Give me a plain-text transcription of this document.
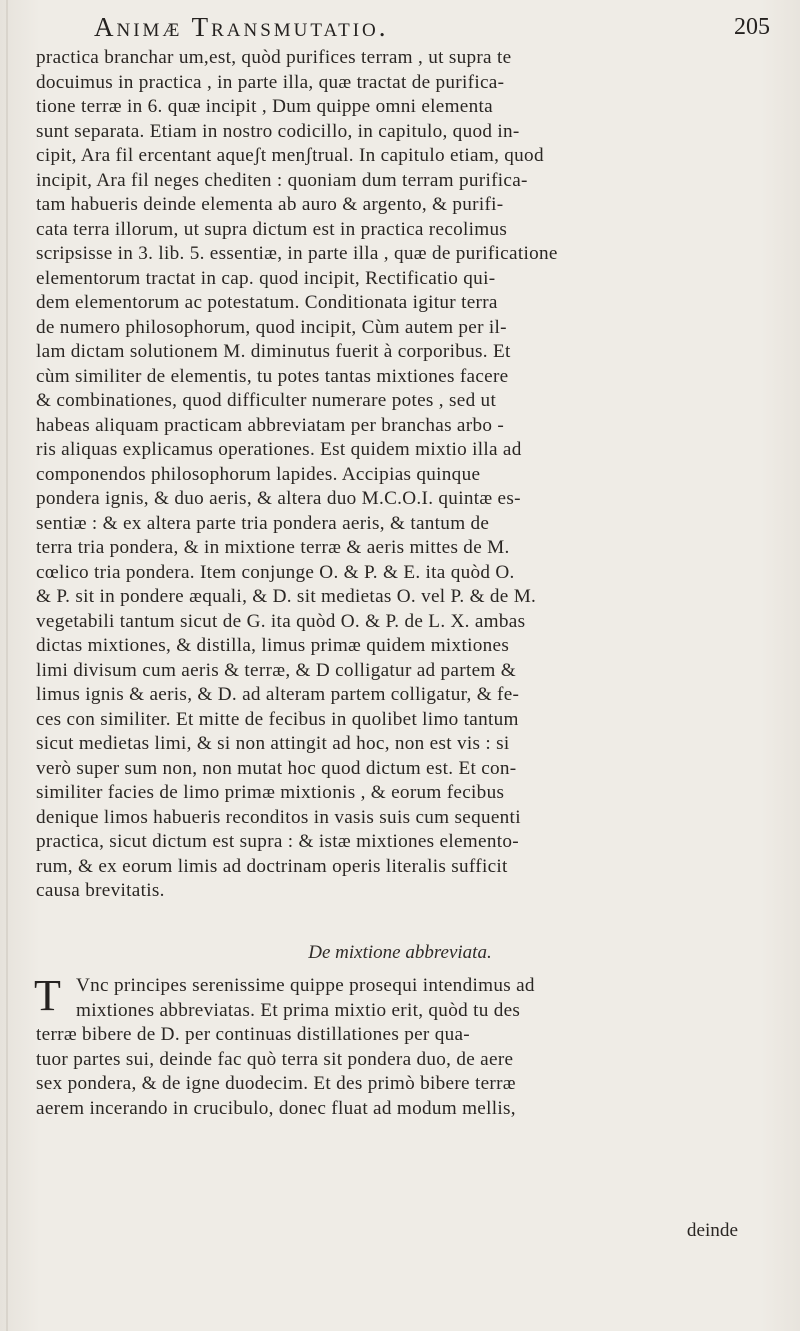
Animæ Transmutatio.	205
practica branchar um,est, quòd purifices terram , ut supra te
docuimus in practica , in parte illa, quæ tractat de purifica-
tione terræ in 6. quæ incipit , Dum quippe omni elementa
sunt separata. Etiam in nostro codicillo, in capitulo, quod in-
cipit, Ara fil ercentant aqueʃt menʃtrual. In capitulo etiam, quod
incipit, Ara fil neges chediten : quoniam dum terram purifica-
tam habueris deinde elementa ab auro & argento, & purifi-
cata terra illorum, ut supra dictum est in practica recolimus
scripsisse in 3. lib. 5. essentiæ, in parte illa , quæ de purificatione
elementorum tractat in cap. quod incipit, Rectificatio qui-
dem elementorum ac potestatum. Conditionata igitur terra
de numero philosophorum, quod incipit, Cùm autem per il-
lam dictam solutionem M. diminutus fuerit à corporibus. Et
cùm similiter de elementis, tu potes tantas mixtiones facere
& combinationes, quod difficulter numerare potes , sed ut
habeas aliquam practicam abbreviatam per branchas arbo -
ris aliquas explicamus operationes. Est quidem mixtio illa ad
componendos philosophorum lapides. Accipias quinque
pondera ignis, & duo aeris, & altera duo M.C.O.I. quintæ es-
sentiæ : & ex altera parte tria pondera aeris, & tantum de
terra tria pondera, & in mixtione terræ & aeris mittes de M.
cœlico tria pondera. Item conjunge O. & P. & E. ita quòd O.
& P. sit in pondere æquali, & D. sit medietas O. vel P. & de M.
vegetabili tantum sicut de G. ita quòd O. & P. de L. X. ambas
dictas mixtiones, & distilla, limus primæ quidem mixtiones
limi divisum cum aeris & terræ, & D colligatur ad partem &
limus ignis & aeris, & D. ad alteram partem colligatur, & fe-
ces con similiter. Et mitte de fecibus in quolibet limo tantum
sicut medietas limi, & si non attingit ad hoc, non est vis : si
verò super sum non, non mutat hoc quod dictum est. Et con-
similiter facies de limo primæ mixtionis , & eorum fecibus
denique limos habueris reconditos in vasis suis cum sequenti
practica, sicut dictum est supra : & istæ mixtiones elemento-
rum, & ex eorum limis ad doctrinam operis literalis sufficit
causa brevitatis.
De mixtione abbreviata.
T Vnc principes serenissime quippe prosequi intendimus ad
mixtiones abbreviatas. Et prima mixtio erit, quòd tu des
terræ bibere de D. per continuas distillationes per qua-
tuor partes sui, deinde fac quò terra sit pondera duo, de aere
sex pondera, & de igne duodecim. Et des primò bibere terræ
aerem incerando in crucibulo, donec fluat ad modum mellis,
deinde
